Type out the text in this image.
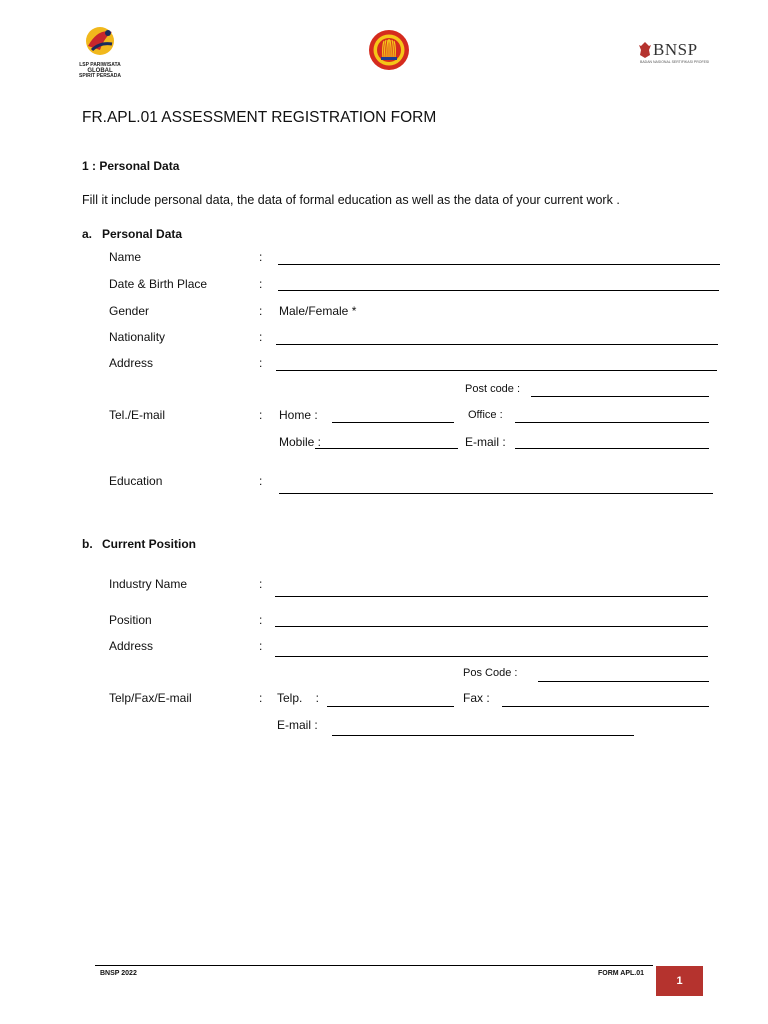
LSP PARIWISATA
GLOBAL
SPIRIT PERSADA
BNSP
BADAN NASIONAL SERTIFIKASI PROFESI
FR.APL.01 ASSESSMENT REGISTRATION FORM
1 : Personal Data
Fill it include personal data, the data of formal education as well as the data of your current work .
a. Personal Data
Name	:
Date & Birth Place	:
Gender	: Male/Female *
Nationality	:
Address	:
Post code :
Tel./E-mail	: Home :	Office :
Mobile :	E-mail :
Education	:
b. Current Position
Industry Name	:
Position	:
Address	:
Pos Code :
Telp/Fax/E-mail	: Telp.    :	Fax :
E-mail :
BNSP 2022	FORM APL.01
1
